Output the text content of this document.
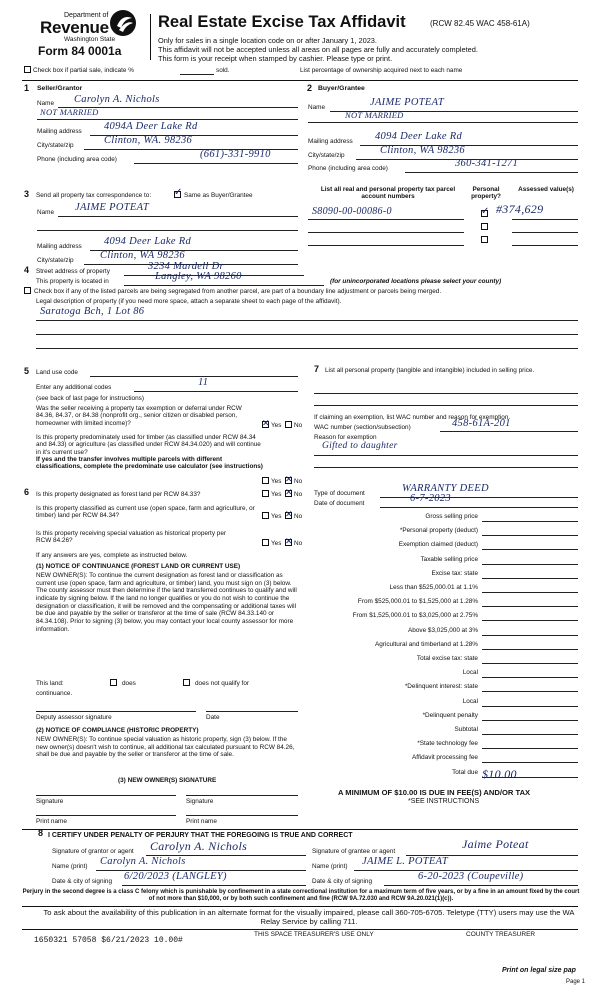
Department of
Revenue
Washington State
Form 84 0001a
Real Estate Excise Tax Affidavit	(RCW 82.45 WAC 458-61A)
Only for sales in a single location code on or after January 1, 2023.
This affidavit will not be accepted unless all areas on all pages are fully and accurately completed.
This form is your receipt when stamped by cashier. Please type or print.
Check box if partial sale, indicate %	sold.	List percentage of ownership acquired next to each name
1 Seller/Grantor
Name Carolyn A. Nichols
NOT MARRIED
Mailing address 4094A Deer Lake Rd
City/state/zip	Clinton, WA. 98236
Phone (including area code)	(661)-331-9910
2 Buyer/Grantee
Name	JAIME POTEAT
NOT MARRIED
Mailing address 4094 Deer Lake Rd
City/state/zip	Clinton, WA 98236
Phone (including area code)	360-341-1271
3 Send all property tax correspondence to: ✓	Same as Buyer/Grantee
Name JAIME POTEAT
Mailing address 4094 Deer Lake Rd
City/state/zip	Clinton, WA 98236
List all real and personal property tax parcel account numbers
Personal property?
Assessed value(s)
S8090-00-00086-0 ✓	#374,629
4 Street address of property	3234 Mardell Dr
This property is located in	Langley, WA 98260	(for unincorporated locations please select your county)
Check box if any of the listed parcels are being segregated from another parcel, are part of a boundary line adjustment or parcels being merged.
Legal description of property (if you need more space, attach a separate sheet to each page of the affidavit).
Saratoga Bch, 1 Lot 86
5 Land use code
Enter any additional codes	11
(see back of last page for instructions)
Was the seller receiving a property tax exemption or deferral under RCW 84.36, 84.37, or 84.38 (nonprofit org., senior citizen or disabled person, homeowner with limited income)? ✕	Yes No
Is this property predominately used for timber (as classified under RCW 84.34 and 84.33) or agriculture (as classified under RCW 84.34.020) and will continue in it's current use?
If yes and the transfer involves multiple parcels with different classifications, complete the predominate use calculator (see instructions)
Yes ✕ No
6 Is this property designated as forest land per RCW 84.33?	Yes ✕ No
Is this property classified as current use (open space, farm and agriculture, or timber) land per RCW 84.34?	Yes ✕ No
Is this property receiving special valuation as historical property per RCW 84.26?	Yes ✕ No
If any answers are yes, complete as instructed below.
(1) NOTICE OF CONTINUANCE (FOREST LAND OR CURRENT USE)
NEW OWNER(S): To continue the current designation as forest land or classification as current use (open space, farm and agriculture, or timber) land, you must sign on (3) below. The county assessor must then determine if the land transferred continues to qualify and will indicate by signing below. If the land no longer qualifies or you do not wish to continue the designation or classification, it will be removed and the compensating or additional taxes will be due and payable by the seller or transferor at the time of sale (RCW 84.33.140 or 84.34.108). Prior to signing (3) below, you may contact your local county assessor for more information.
This land:	does	does not qualify for
continuance.
Deputy assessor signature	Date
(2) NOTICE OF COMPLIANCE (HISTORIC PROPERTY)
NEW OWNER(S): To continue special valuation as historic property, sign (3) below. If the new owner(s) doesn't wish to continue, all additional tax calculated pursuant to RCW 84.26, shall be due and payable by the seller or transferor at the time of sale.
(3) NEW OWNER(S) SIGNATURE
Signature	Signature
Print name	Print name
7 List all personal property (tangible and intangible) included in selling price.
If claiming an exemption, list WAC number and reason for exemption.
WAC number (section/subsection)	458-61A-201
Reason for exemption
Gifted to daughter
Type of document	WARRANTY DEED
Date of document	6-7-2023
Gross selling price
*Personal property (deduct)
Exemption claimed (deduct)
Taxable selling price
Excise tax: state
Less than $525,000.01 at 1.1%
From $525,000.01 to $1,525,000 at 1.28%
From $1,525,000.01 to $3,025,000 at 2.75%
Above $3,025,000 at 3%
Agricultural and timberland at 1.28%
Total excise tax: state
Local
*Delinquent interest: state
Local
*Delinquent penalty
Subtotal
*State technology fee
Affidavit processing fee
Total due $10.00
A MINIMUM OF $10.00 IS DUE IN FEE(S) AND/OR TAX
*SEE INSTRUCTIONS
8 I CERTIFY UNDER PENALTY OF PERJURY THAT THE FOREGOING IS TRUE AND CORRECT
Signature of grantor or agent Carolyn A. Nichols	Signature of grantee or agent
Jaime Poteat
Name (print) Carolyn A. Nichols	Name (print) JAIME L. POTEAT
Date & city of signing 6/20/2023 (LANGLEY)	Date & city of signing	6-20-2023 (Coupeville)
Perjury in the second degree is a class C felony which is punishable by confinement in a state correctional institution for a maximum term of five years, or by a fine in an amount fixed by the court of not more than $10,000, or by both such confinement and fine (RCW 9A.72.030 and RCW 9A.20.021(1)(c)).
To ask about the availability of this publication in an alternate format for the visually impaired, please call 360-705-6705. Teletype (TTY) users may use the WA Relay Service by calling 711.
1650321 57058 $6/21/2023 10.00#
THIS SPACE TREASURER'S USE ONLY	COUNTY TREASURER
Print on legal size pap
Page 1
